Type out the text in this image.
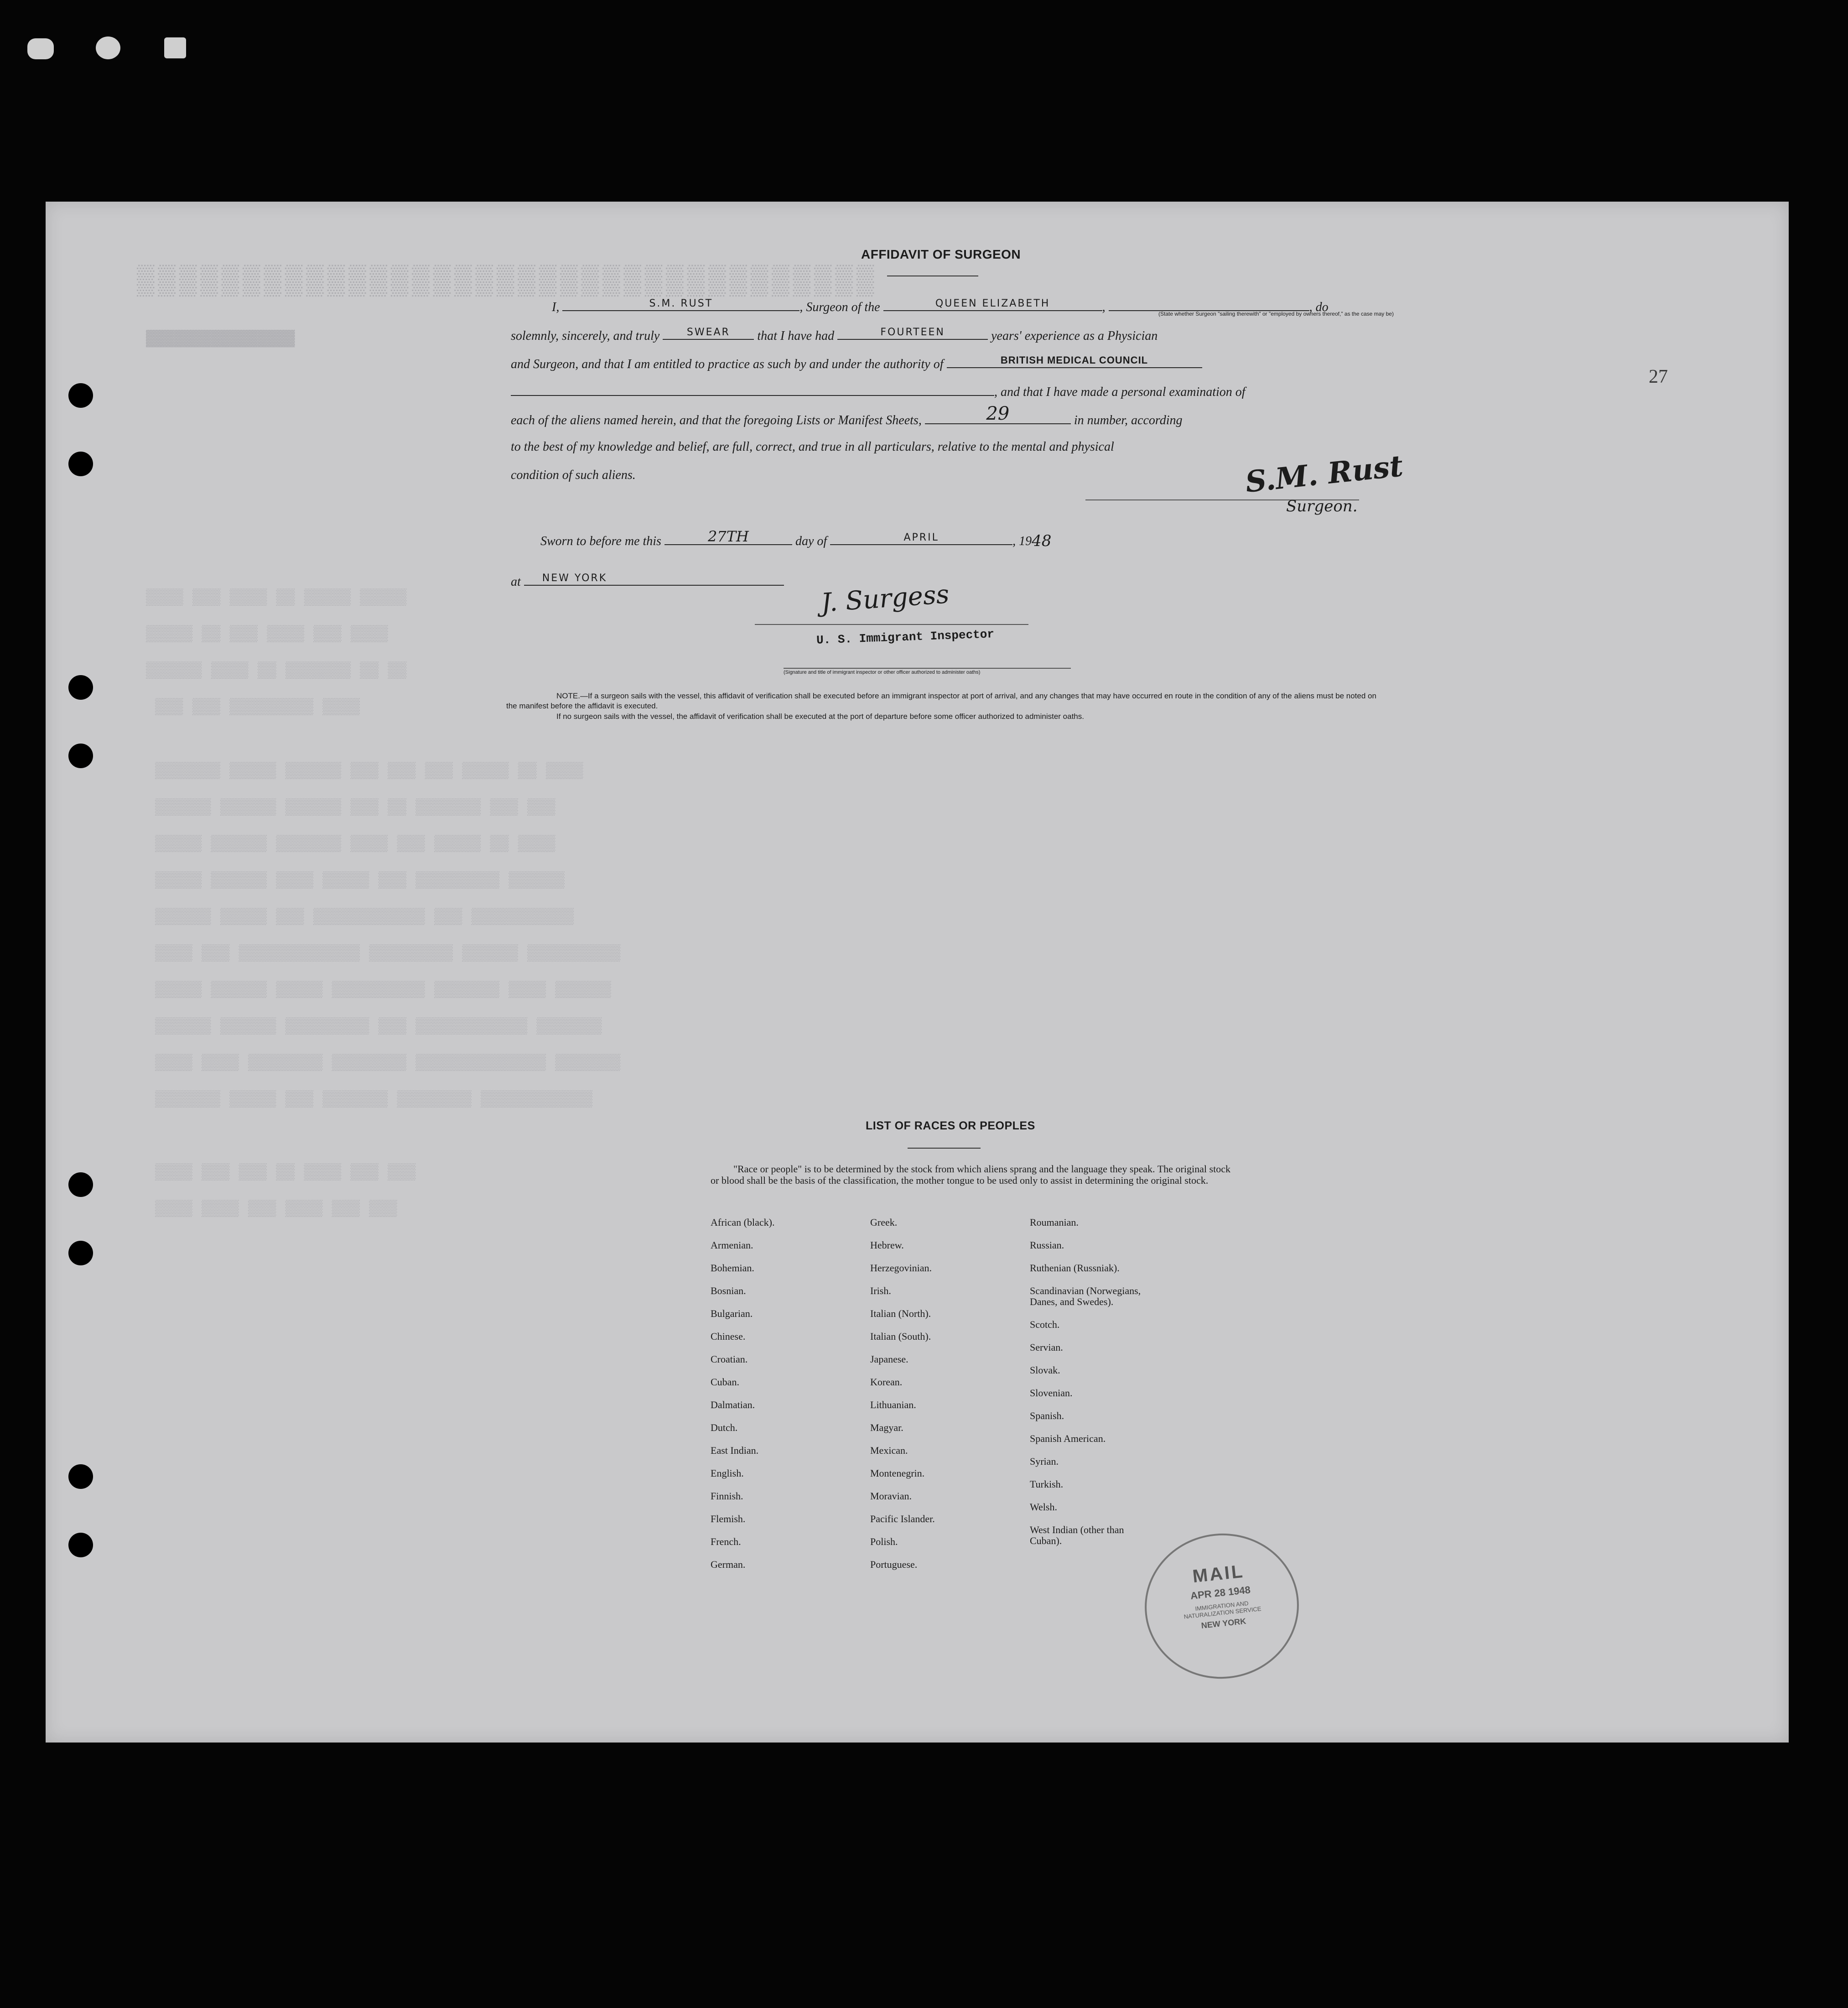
▒▒▒▒▒▒▒▒▒▒▒▒▒▒▒▒▒▒▒▒▒▒▒▒▒▒▒▒▒▒▒▒▒▒▒
▓▓▓▓▓▓▓▓▓▓▓▓▓▓▓▓
▒▒▒▒ ▒▒▒ ▒▒▒▒ ▒▒ ▒▒▒▒▒ ▒▒▒▒▒
▒▒▒▒▒ ▒▒ ▒▒▒ ▒▒▒▒ ▒▒▒ ▒▒▒▒
▒▒▒▒▒▒ ▒▒▒▒ ▒▒ ▒▒▒▒▒▒▒ ▒▒ ▒▒
▒▒▒ ▒▒▒ ▒▒▒▒▒▒▒▒▒ ▒▒▒▒
▒▒▒▒▒▒▒ ▒▒▒▒▒ ▒▒▒▒▒▒ ▒▒▒ ▒▒▒ ▒▒▒ ▒▒▒▒▒ ▒▒ ▒▒▒▒
▒▒▒▒▒▒ ▒▒▒▒▒▒ ▒▒▒▒▒▒ ▒▒▒ ▒▒ ▒▒▒▒▒▒▒ ▒▒▒ ▒▒▒
▒▒▒▒▒ ▒▒▒▒▒▒ ▒▒▒▒▒▒▒ ▒▒▒▒ ▒▒▒ ▒▒▒▒▒ ▒▒ ▒▒▒▒
▒▒▒▒▒ ▒▒▒▒▒▒ ▒▒▒▒ ▒▒▒▒▒ ▒▒▒ ▒▒▒▒▒▒▒▒▒ ▒▒▒▒▒▒
▒▒▒▒▒▒ ▒▒▒▒▒ ▒▒▒ ▒▒▒▒▒▒▒▒▒▒▒▒ ▒▒▒ ▒▒▒▒▒▒▒▒▒▒▒
▒▒▒▒ ▒▒▒ ▒▒▒▒▒▒▒▒▒▒▒▒▒ ▒▒▒▒▒▒▒▒▒ ▒▒▒▒▒▒ ▒▒▒▒▒▒▒▒▒▒
▒▒▒▒▒ ▒▒▒▒▒▒ ▒▒▒▒▒ ▒▒▒▒▒▒▒▒▒▒ ▒▒▒▒▒▒▒ ▒▒▒▒ ▒▒▒▒▒▒
▒▒▒▒▒▒ ▒▒▒▒▒▒ ▒▒▒▒▒▒▒▒▒ ▒▒▒ ▒▒▒▒▒▒▒▒▒▒▒▒ ▒▒▒▒▒▒▒
▒▒▒▒ ▒▒▒▒ ▒▒▒▒▒▒▒▒ ▒▒▒▒▒▒▒▒ ▒▒▒▒▒▒▒▒▒▒▒▒▒▒ ▒▒▒▒▒▒▒
▒▒▒▒▒▒▒ ▒▒▒▒▒ ▒▒▒ ▒▒▒▒▒▒▒ ▒▒▒▒▒▒▒▒ ▒▒▒▒▒▒▒▒▒▒▒▒
▒▒▒▒ ▒▒▒ ▒▒▒ ▒▒ ▒▒▒▒ ▒▒▒ ▒▒▒
▒▒▒▒ ▒▒▒▒ ▒▒▒ ▒▒▒▒ ▒▒▒ ▒▒▒
27
AFFIDAVIT OF SURGEON
I,	S.M. RUST	, Surgeon of the	QUEEN ELIZABETH	,	, do
(State whether Surgeon "sailing therewith" or "employed by owners thereof," as the case may be)
solemnly, sincerely, and truly	SWEAR	that I have had	FOURTEEN	years' experience as a Physician
and Surgeon, and that I am entitled to practice as such by and under the authority of	BRITISH MEDICAL COUNCIL
, and that I have made a personal examination of
each of the aliens named herein, and that the foregoing Lists or Manifest Sheets,	29	in number, according
to the best of my knowledge and belief, are full, correct, and true in all particulars, relative to the mental and physical
condition of such aliens.	S.M. Rust
Surgeon.
Sworn to before me this	27TH	day of	APRIL	, 1948
at NEW YORK
J. Surgess
U. S. Immigrant Inspector
(Signature and title of immigrant inspector or other officer authorized to administer oaths)
NOTE.—If a surgeon sails with the vessel, this affidavit of verification shall be executed before an immigrant inspector at port of arrival, and any changes that may have occurred en route in the condition of any of the aliens must be noted on the manifest before the affidavit is executed.
If no surgeon sails with the vessel, the affidavit of verification shall be executed at the port of departure before some officer authorized to administer oaths.
LIST OF RACES OR PEOPLES
"Race or people" is to be determined by the stock from which aliens sprang and the language they speak. The original stock or blood shall be the basis of the classification, the mother tongue to be used only to assist in determining the original stock.
African (black).
Armenian.
Bohemian.
Bosnian.
Bulgarian.
Chinese.
Croatian.
Cuban.
Dalmatian.
Dutch.
East Indian.
English.
Finnish.
Flemish.
French.
German.
Greek.
Hebrew.
Herzegovinian.
Irish.
Italian (North).
Italian (South).
Japanese.
Korean.
Lithuanian.
Magyar.
Mexican.
Montenegrin.
Moravian.
Pacific Islander.
Polish.
Portuguese.
Roumanian.
Russian.
Ruthenian (Russniak).
Scandinavian (Norwegians,
Danes, and Swedes).
Scotch.
Servian.
Slovak.
Slovenian.
Spanish.
Spanish American.
Syrian.
Turkish.
Welsh.
West Indian (other than
Cuban).
MAIL
APR 28 1948
IMMIGRATION AND NATURALIZATION SERVICE
NEW YORK
